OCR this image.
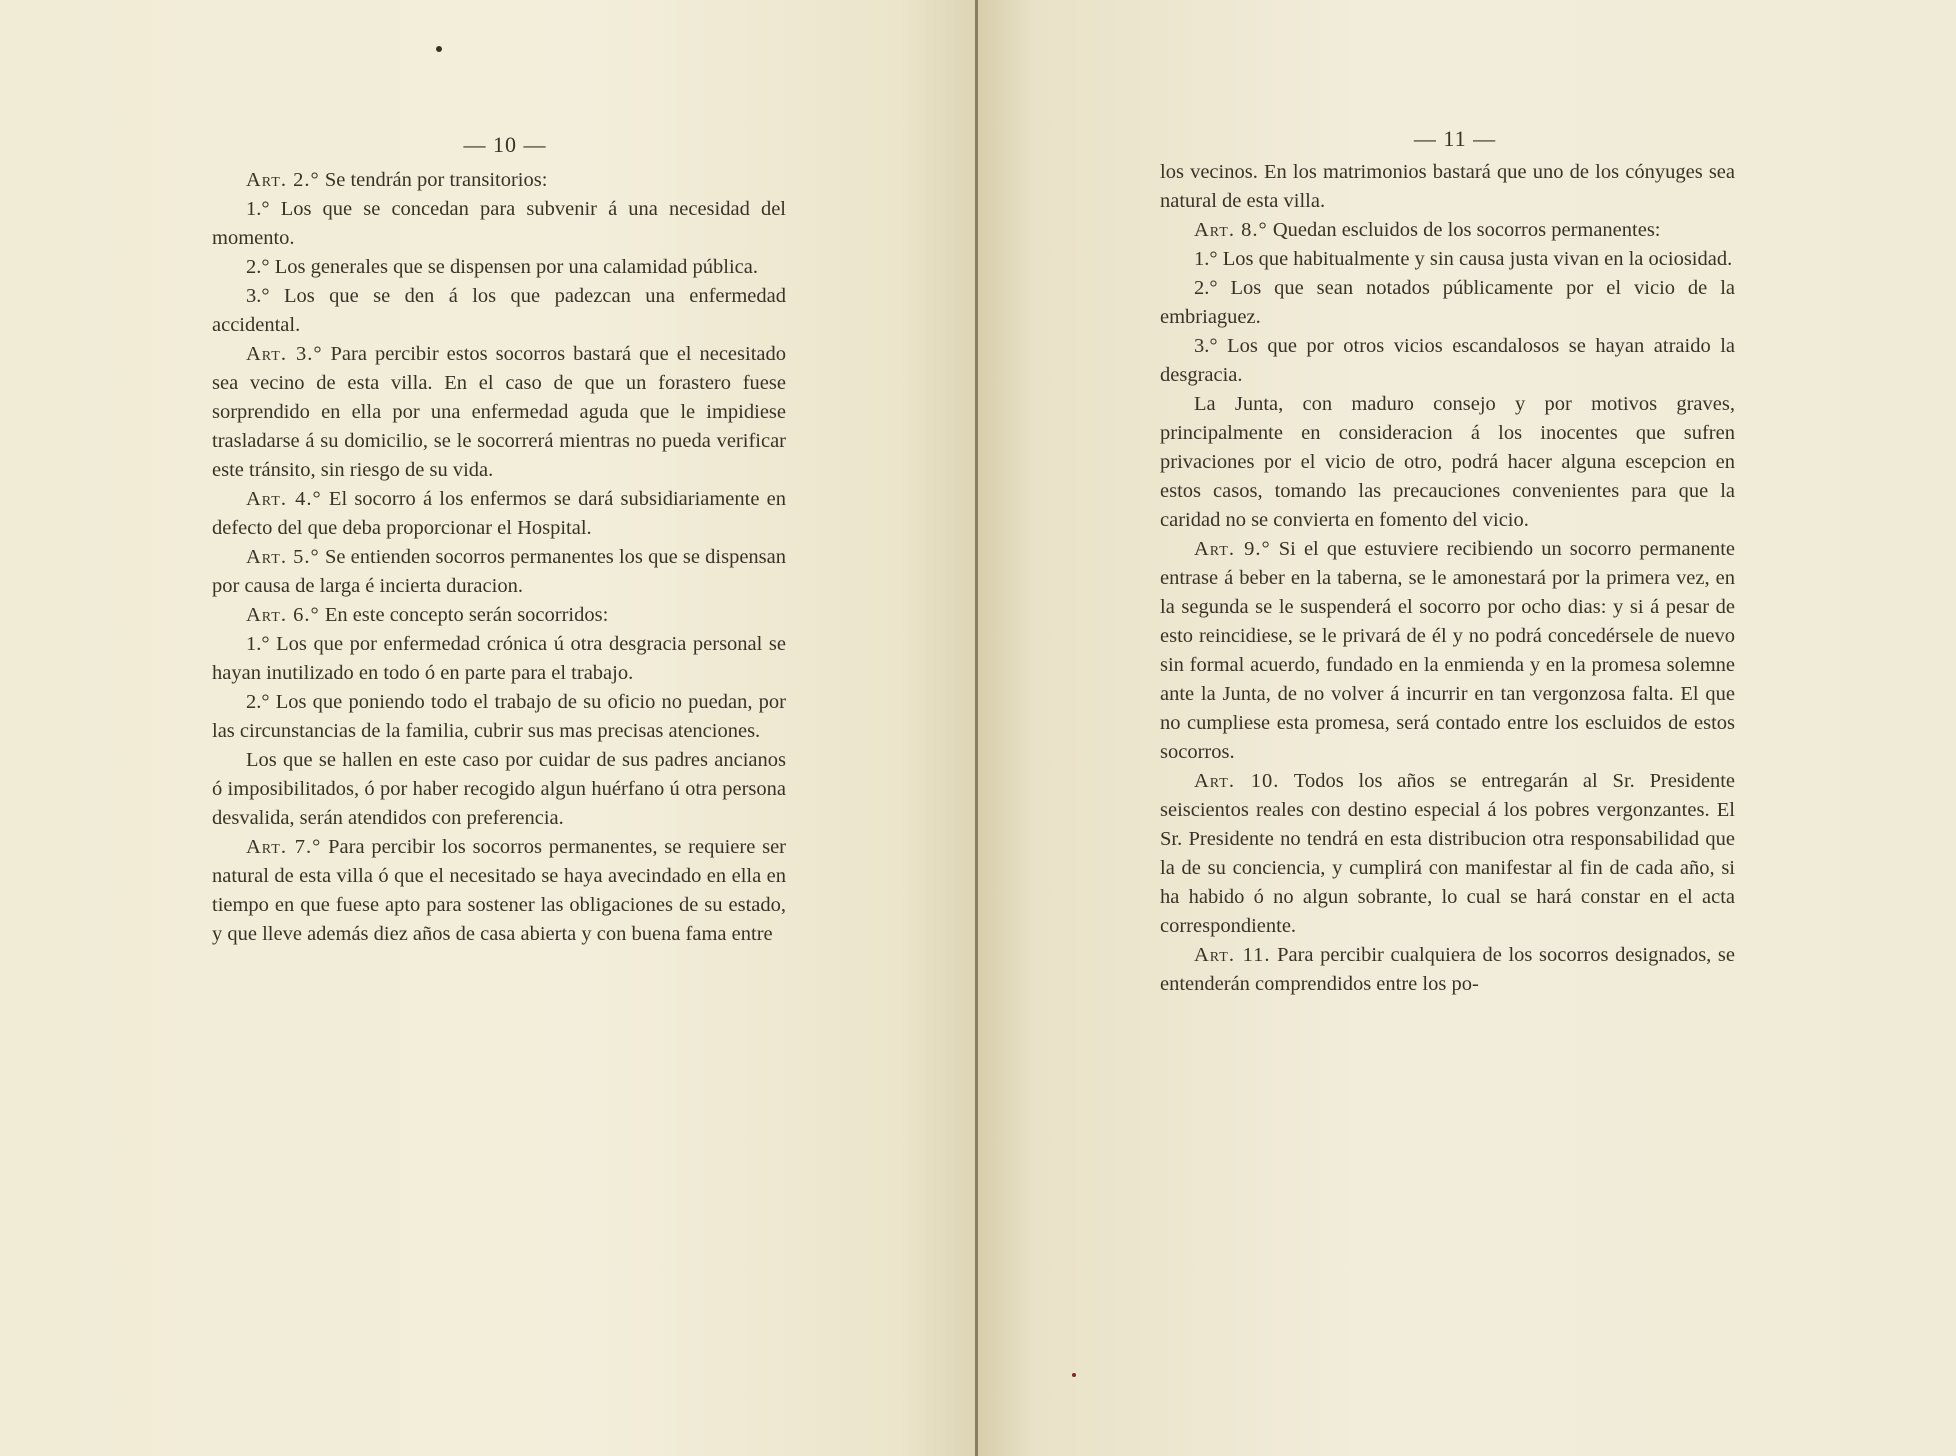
— 10 —

Art. 2.° Se tendrán por transitorios:

1.° Los que se concedan para subvenir á una necesidad del momento.

2.° Los generales que se dispensen por una calamidad pública.

3.° Los que se den á los que padezcan una enfermedad accidental.

Art. 3.° Para percibir estos socorros bastará que el necesitado sea vecino de esta villa. En el caso de que un forastero fuese sorprendido en ella por una enfermedad aguda que le impidiese trasladarse á su domicilio, se le socorrerá mientras no pueda verificar este tránsito, sin riesgo de su vida.

Art. 4.° El socorro á los enfermos se dará subsidiariamente en defecto del que deba proporcionar el Hospital.

Art. 5.° Se entienden socorros permanentes los que se dispensan por causa de larga é incierta duracion.

Art. 6.° En este concepto serán socorridos:

1.° Los que por enfermedad crónica ú otra desgracia personal se hayan inutilizado en todo ó en parte para el trabajo.

2.° Los que poniendo todo el trabajo de su oficio no puedan, por las circunstancias de la familia, cubrir sus mas precisas atenciones.

Los que se hallen en este caso por cuidar de sus padres ancianos ó imposibilitados, ó por haber recogido algun huérfano ú otra persona desvalida, serán atendidos con preferencia.

Art. 7.° Para percibir los socorros permanentes, se requiere ser natural de esta villa ó que el necesitado se haya avecindado en ella en tiempo en que fuese apto para sostener las obligaciones de su estado, y que lleve además diez años de casa abierta y con buena fama entre

— 11 —

los vecinos. En los matrimonios bastará que uno de los cónyuges sea natural de esta villa.

Art. 8.° Quedan escluidos de los socorros permanentes:

1.° Los que habitualmente y sin causa justa vivan en la ociosidad.

2.° Los que sean notados públicamente por el vicio de la embriaguez.

3.° Los que por otros vicios escandalosos se hayan atraido la desgracia.

La Junta, con maduro consejo y por motivos graves, principalmente en consideracion á los inocentes que sufren privaciones por el vicio de otro, podrá hacer alguna escepcion en estos casos, tomando las precauciones convenientes para que la caridad no se convierta en fomento del vicio.

Art. 9.° Si el que estuviere recibiendo un socorro permanente entrase á beber en la taberna, se le amonestará por la primera vez, en la segunda se le suspenderá el socorro por ocho dias: y si á pesar de esto reincidiese, se le privará de él y no podrá concedérsele de nuevo sin formal acuerdo, fundado en la enmienda y en la promesa solemne ante la Junta, de no volver á incurrir en tan vergonzosa falta. El que no cumpliese esta promesa, será contado entre los escluidos de estos socorros.

Art. 10. Todos los años se entregarán al Sr. Presidente seiscientos reales con destino especial á los pobres vergonzantes. El Sr. Presidente no tendrá en esta distribucion otra responsabilidad que la de su conciencia, y cumplirá con manifestar al fin de cada año, si ha habido ó no algun sobrante, lo cual se hará constar en el acta correspondiente.

Art. 11. Para percibir cualquiera de los socorros designados, se entenderán comprendidos entre los po-
